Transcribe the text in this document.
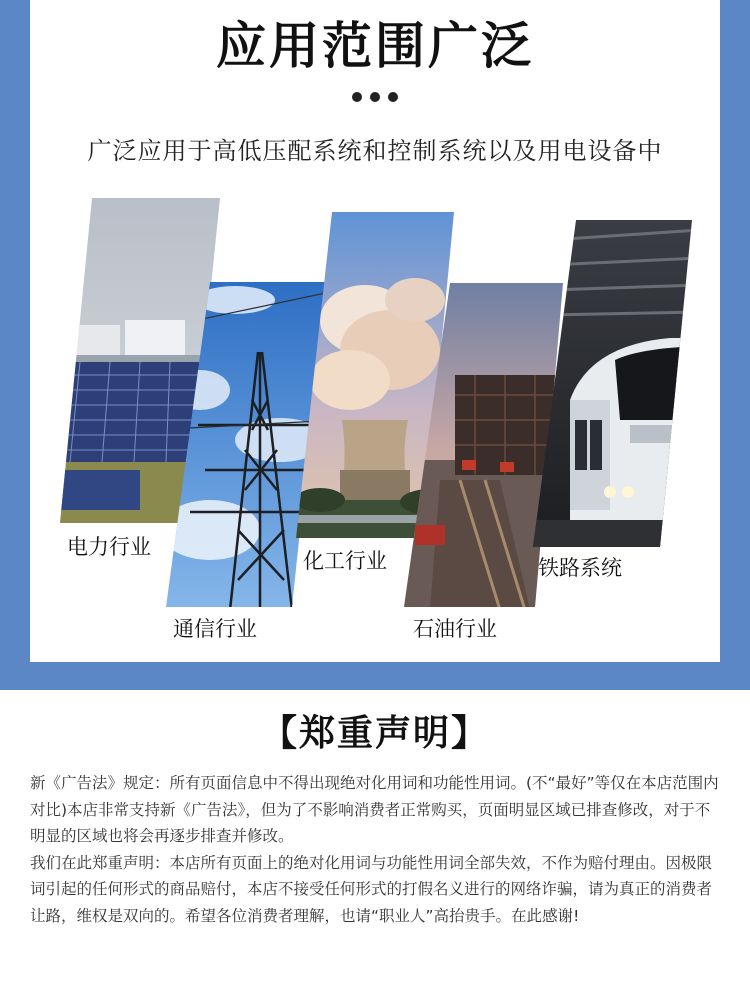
应用范围广泛
广泛应用于高低压配系统和控制系统以及用电设备中
电力行业
通信行业
化工行业
石油行业
铁路系统
【郑重声明】

新《广告法》规定：所有页面信息中不得出现绝对化用词和功能性用词。(不“最好”等仅在本店范围内对比)本店非常支持新《广告法》，但为了不影响消费者正常购买，页面明显区域已排查修改，对于不明显的区域也将会再逐步排查并修改。

我们在此郑重声明：本店所有页面上的绝对化用词与功能性用词全部失效，不作为赔付理由。因极限词引起的任何形式的商品赔付，本店不接受任何形式的打假名义进行的网络诈骗，请为真正的消费者让路，维权是双向的。希望各位消费者理解，也请“职业人”高抬贵手。在此感谢!
